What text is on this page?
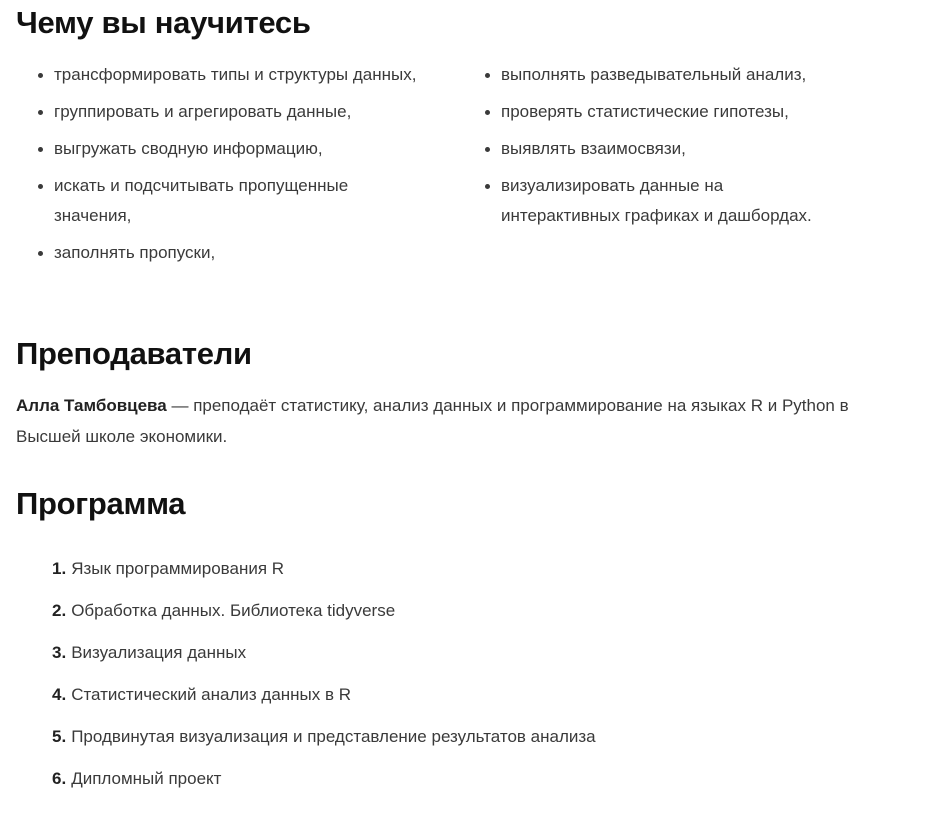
Чему вы научитесь
трансформировать типы и структуры данных,
группировать и агрегировать данные,
выгружать сводную информацию,
искать и подсчитывать пропущенные значения,
заполнять пропуски,
выполнять разведывательный анализ,
проверять статистические гипотезы,
выявлять взаимосвязи,
визуализировать данные на интерактивных графиках и дашбордах.
Преподаватели

Алла Тамбовцева — преподаёт статистику, анализ данных и программирование на языках R и Python в Высшей школе экономики.

Программа
1. Язык программирования R
2. Обработка данных. Библиотека tidyverse
3. Визуализация данных
4. Статистический анализ данных в R
5. Продвинутая визуализация и представление результатов анализа
6. Дипломный проект
